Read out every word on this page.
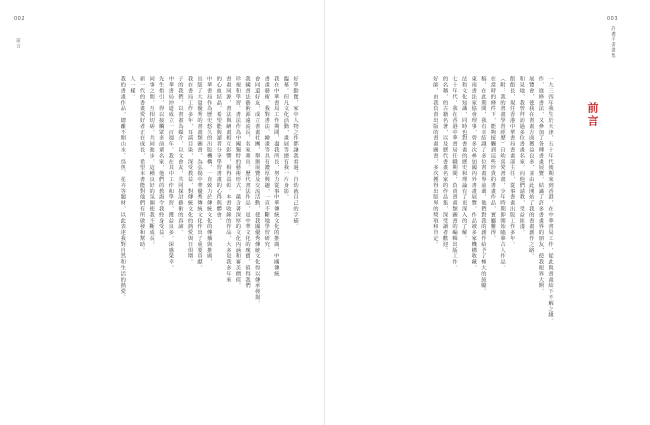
002
前言
好學勤奮，家中人物之作都讓我看過，自幼就自己的字描。
臨摹。但凡文化活動，畫展等總有我一片身影。
我在中華書局工作期間，盡我所長，努力從事中華傳統文化的推廣，中國傳統
書畫藝術，我對書法、繪畫等具有濃厚興趣，一直不斷地學習研究。
會同道好友，成立書畫社團，舉辦展覽及交流活動，使我國優秀傳統文化得以傳承發揚。
我國書法藝術源遠流長，名家輩出。歷代書法作品，是中華文化的瑰寶，值得我們
珍視和學習。書法作為中國獨特的藝術形式，蘊含著深厚的文化內涵和審美價值。
書畫同源，書法與繪畫相互影響，相得益彰。本書收錄的作品，大多是我多年來
的心血結晶，希望能與讀者分享學習書畫的心得與體會。
中華書局作為歷史悠久的出版機構，一直致力於傳統文化的傳播與推廣，
出版了大量優秀的書畫類圖書，為弘揚中華優秀傳統文化作出了重要貢獻。
我在書局工作多年，耳濡目染，深受教益，對傳統文化的熱愛與日俱增。
子的我們，以書畫為媒介，以文會友，共同探討藝術的真諦。
中華書局沖道成立一百週年，我在其中工作和學習，獲益良多，深感榮幸。
先生指引，得以接觸眾多前輩名家，他們的教誨令我終身受益。
同事之間，互相切磋，共同進步，這種良好的氛圍使我不斷成長。
新一代的書畫愛好者正在成長，希望本書能對他們有所啟發和幫助。
人一樣。
我的書畫作品，總離不開山水、鳥魚、花卉等題材，以此表達我對自然和生活的熱愛。
003
許禮平書畫集
前言
一九三四年我生於天津，五十年代後期來到香港，在中華書局工作，從此與書畫結下不解之緣。
作，進修書法，又參加了各種書畫展覽，結識了許多書畫界的朋友，使我眼界大開。
展覽會，使我在書畫方面獲益良多，並由此開始了我的書畫創作之路。
和見地，我曾拜訪過多位書畫名家，向他們請教，受益匪淺。
館館長，現任香港中華書局書畫部主任，從事書畫出版工作多年。
（附：我的書畫學習經歷）自幼喜愛書畫，少年時期即開始臨摹古人作品。
在當時的條件下，能夠接觸到這些珍貴的書畫作品，實屬難得。
稿，在此期間，我有幸結識了多位書畫界前輩，他們對我的創作給予了極大的鼓勵。
東南書法家協會理事，曾多次參加國內外書畫展覽，作品被多家機構收藏。
法和文化知識，同時也對書畫的歷史和理論有了更深入的了解。
七十年代，我在香港中華書局任職期間，負責書畫類圖書的編輯出版工作。
的名稱，的古籍名著，以及歷代書畫名家的作品集，深受讀者歡迎。
好師，由我負責出版的書畫圖書，多次獲得出版界的獎項和肯定。
